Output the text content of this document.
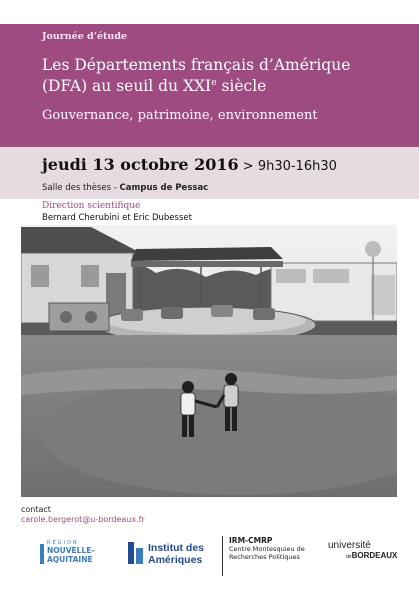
Journée d’étude
Les Départements français d’Amérique
(DFA) au seuil du XXIe siècle
Gouvernance, patrimoine, environnement
jeudi 13 octobre 2016 > 9h30-16h30
Salle des thèses - Campus de Pessac
Direction scientifique
Bernard Cherubini et Eric Dubesset
contact
carole.bergerot@u-bordeaux.fr
RÉGION
NOUVELLE-
AQUITAINE
Institut des
Amériques
IRM-CMRP
Centre Montesquieu de
Recherches Politiques
université
deBORDEAUX
